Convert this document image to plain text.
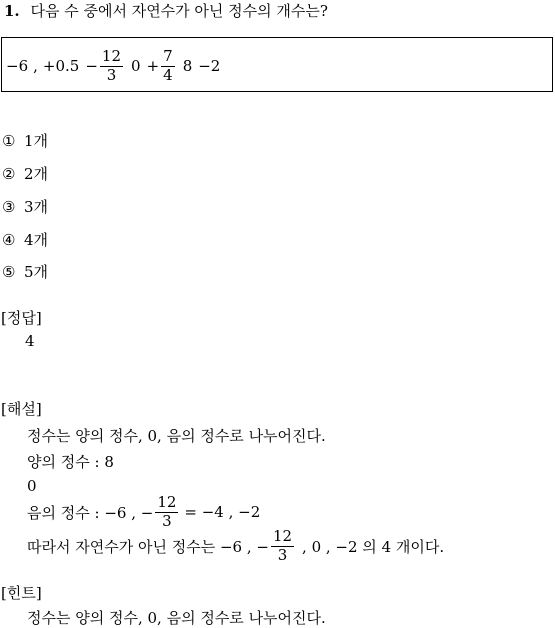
1. 다음 수 중에서 자연수가 아닌 정수의 개수는?
−6 , $+0.5 - \frac{12}{3} 0 + \frac{7}{4} 8 -2$
① 1개
② 2개
③ 3개
④ 4개
⑤ 5개
[정답]
4
[해설]
정수는 양의 정수, 0, 음의 정수로 나누어진다.
양의 정수 : 8
0
음의 정수 : −6 , − $\frac{12}{3} = -4$ , −2
따라서 자연수가 아닌 정수는 −6 , − $\frac{12}{3}$ , 0 , −2 의 4 개이다.
[힌트]
정수는 양의 정수, 0, 음의 정수로 나누어진다.
